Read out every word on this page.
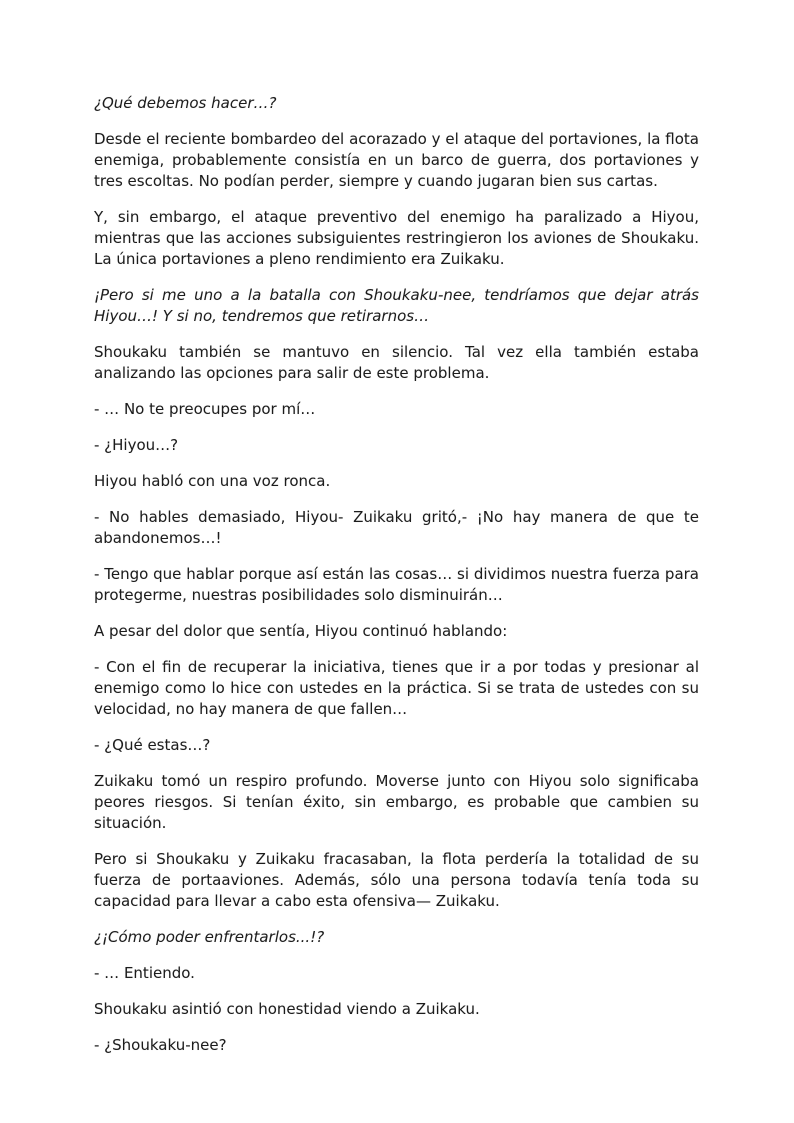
¿Qué debemos hacer…?

Desde el reciente bombardeo del acorazado y el ataque del portaviones, la flota enemiga, probablemente consistía en un barco de guerra, dos portaviones y tres escoltas. No podían perder, siempre y cuando jugaran bien sus cartas.

Y, sin embargo, el ataque preventivo del enemigo ha paralizado a Hiyou, mientras que las acciones subsiguientes restringieron los aviones de Shoukaku. La única portaviones a pleno rendimiento era Zuikaku.

¡Pero si me uno a la batalla con Shoukaku-nee, tendríamos que dejar atrás Hiyou…! Y si no, tendremos que retirarnos…

Shoukaku también se mantuvo en silencio. Tal vez ella también estaba analizando las opciones para salir de este problema.

- … No te preocupes por mí…

- ¿Hiyou…?

Hiyou habló con una voz ronca.

- No hables demasiado, Hiyou- Zuikaku gritó,- ¡No hay manera de que te abandonemos…!

- Tengo que hablar porque así están las cosas… si dividimos nuestra fuerza para protegerme, nuestras posibilidades solo disminuirán…

A pesar del dolor que sentía, Hiyou continuó hablando:

- Con el fin de recuperar la iniciativa, tienes que ir a por todas y presionar al enemigo como lo hice con ustedes en la práctica. Si se trata de ustedes con su velocidad, no hay manera de que fallen…

- ¿Qué estas…?

Zuikaku tomó un respiro profundo. Moverse junto con Hiyou solo significaba peores riesgos. Si tenían éxito, sin embargo, es probable que cambien su situación.

Pero si Shoukaku y Zuikaku fracasaban, la flota perdería la totalidad de su fuerza de portaaviones. Además, sólo una persona todavía tenía toda su capacidad para llevar a cabo esta ofensiva— Zuikaku.

¿¡Cómo poder enfrentarlos...!?

- … Entiendo.

Shoukaku asintió con honestidad viendo a Zuikaku.

- ¿Shoukaku-nee?
